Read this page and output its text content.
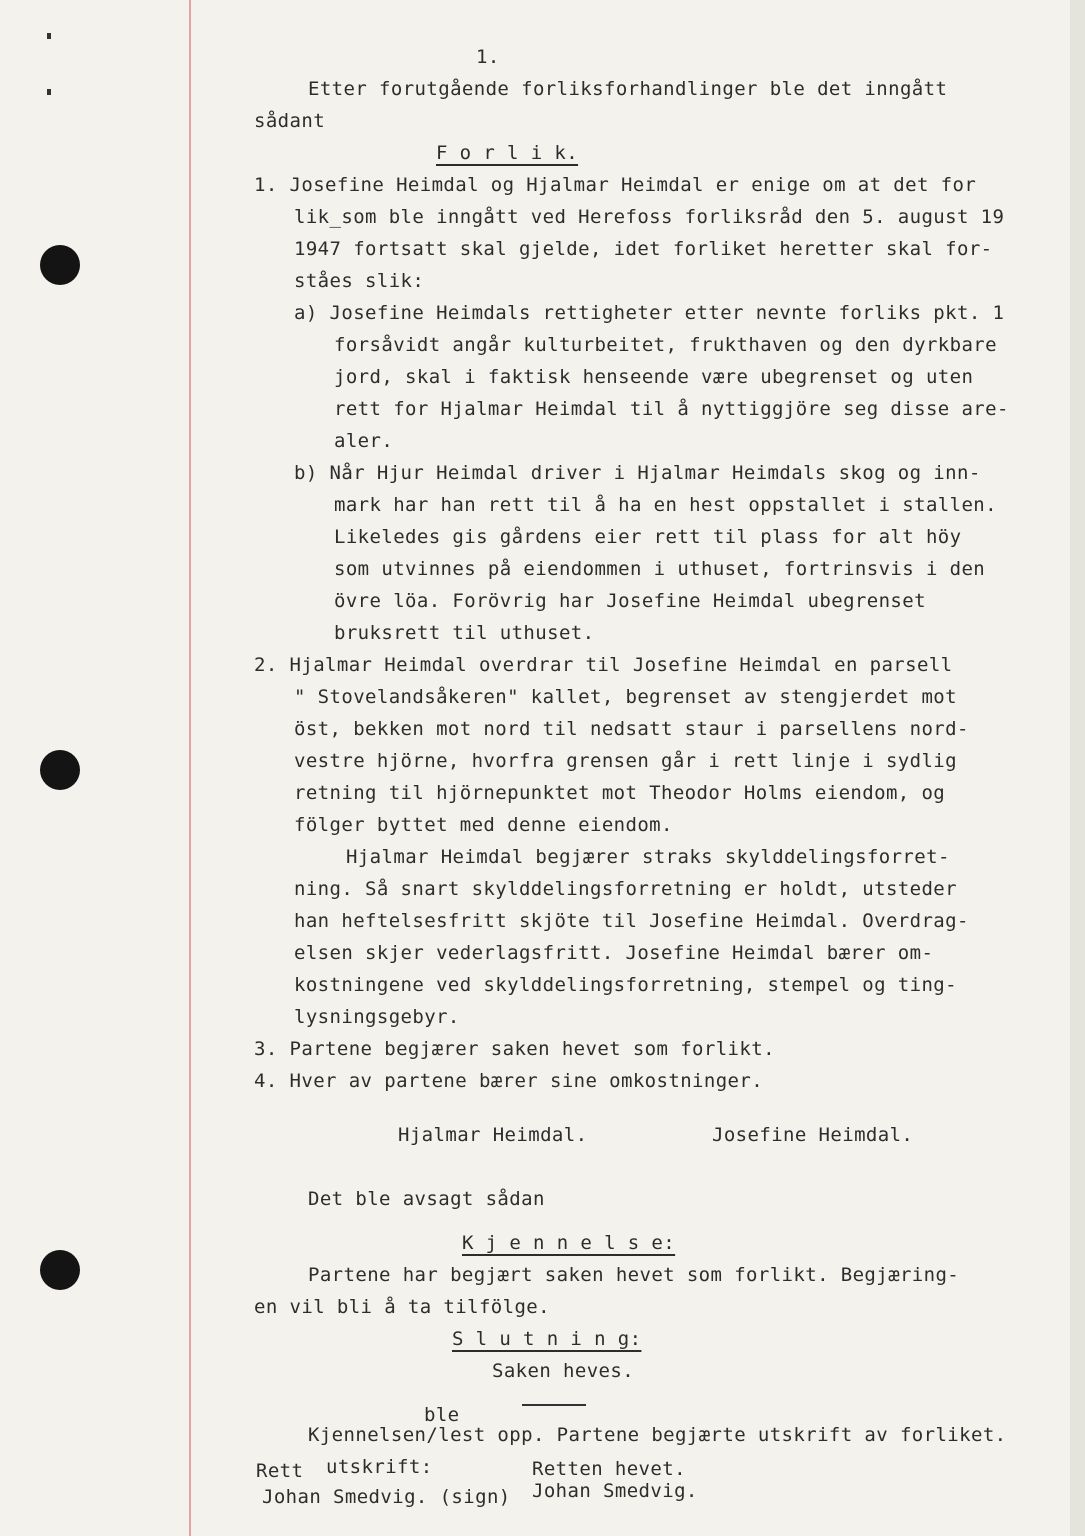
1.
Etter forutgående forliksforhandlinger ble det inngått
sådant
F o r l i k.
1. Josefine Heimdal og Hjalmar Heimdal er enige om at det for
lik_som ble inngått ved Herefoss forliksråd den 5. august 19
1947 fortsatt skal gjelde, idet forliket heretter skal for-
ståes slik:
a) Josefine Heimdals rettigheter etter nevnte forliks pkt. 1
forsåvidt angår kulturbeitet, frukthaven og den dyrkbare
jord, skal i faktisk henseende være ubegrenset og uten
rett for Hjalmar Heimdal til å nyttiggjöre seg disse are-
aler.
b) Når Hjur Heimdal driver i Hjalmar Heimdals skog og inn-
mark har han rett til å ha en hest oppstallet i stallen.
Likeledes gis gårdens eier rett til plass for alt höy
som utvinnes på eiendommen i uthuset, fortrinsvis i den
övre löa. Forövrig har Josefine Heimdal ubegrenset
bruksrett til uthuset.
2. Hjalmar Heimdal overdrar til Josefine Heimdal en parsell
" Stovelandsåkeren" kallet, begrenset av stengjerdet mot
öst, bekken mot nord til nedsatt staur i parsellens nord-
vestre hjörne, hvorfra grensen går i rett linje i sydlig
retning til hjörnepunktet mot Theodor Holms eiendom, og
fölger byttet med denne eiendom.
Hjalmar Heimdal begjærer straks skylddelingsforret-
ning. Så snart skylddelingsforretning er holdt, utsteder
han heftelsesfritt skjöte til Josefine Heimdal. Overdrag-
elsen skjer vederlagsfritt. Josefine Heimdal bærer om-
kostningene ved skylddelingsforretning, stempel og ting-
lysningsgebyr.
3. Partene begjærer saken hevet som forlikt.
4. Hver av partene bærer sine omkostninger.
Hjalmar Heimdal.	Josefine Heimdal.
Det ble avsagt sådan
K j e n n e l s e:
Partene har begjært saken hevet som forlikt. Begjæring-
en vil bli å ta tilfölge.
S l u t n i n g:
Saken heves.
ble
Kjennelsen/lest opp. Partene begjærte utskrift av forliket.
Rett utskrift:	Retten hevet.
Johan Smedvig. (sign) Johan Smedvig.
